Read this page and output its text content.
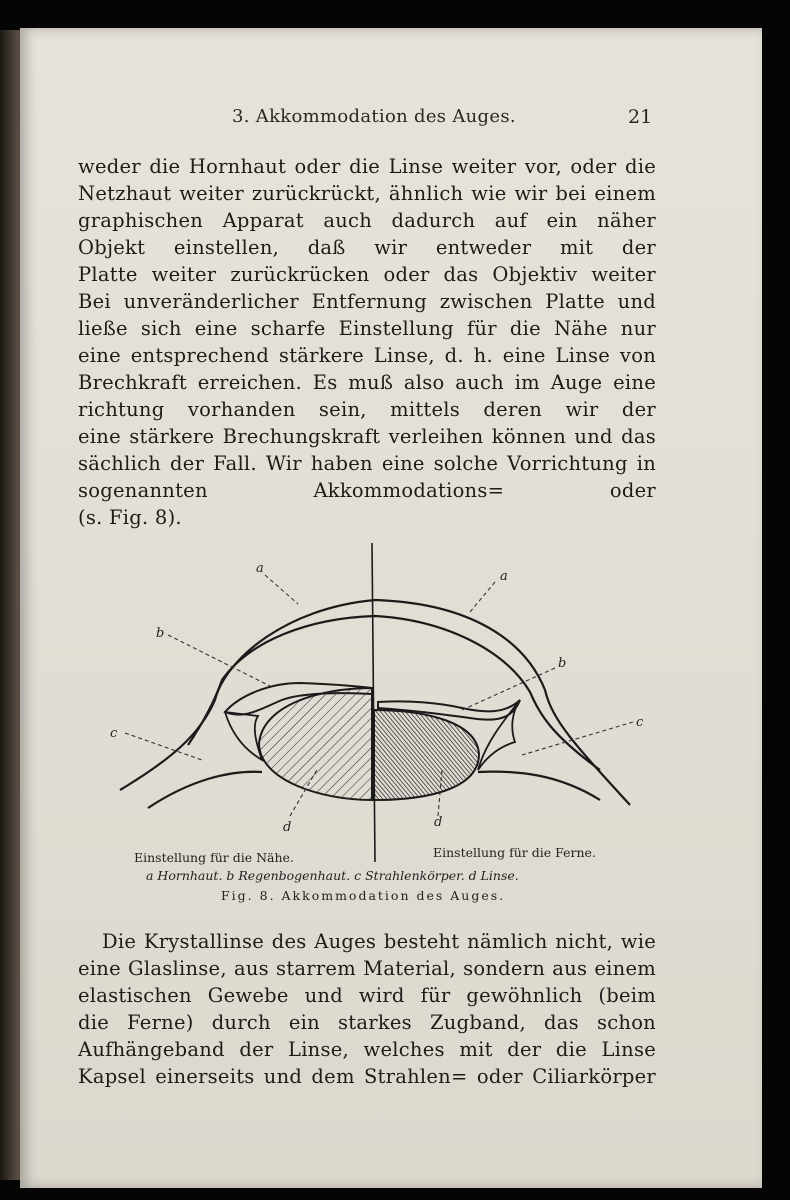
3. Akkommodation des Auges.	21
weder die Hornhaut oder die Linse weiter vor, oder die
Netzhaut weiter zurückrückt, ähnlich wie wir bei einem
graphischen Apparat auch dadurch auf ein näher
Objekt einstellen, daß wir entweder mit der
Platte weiter zurückrücken oder das Objektiv weiter
Bei unveränderlicher Entfernung zwischen Platte und
ließe sich eine scharfe Einstellung für die Nähe nur
eine entsprechend stärkere Linse, d. h. eine Linse von
Brechkraft erreichen. Es muß also auch im Auge eine
richtung vorhanden sein, mittels deren wir der
eine stärkere Brechungskraft verleihen können und das
sächlich der Fall. Wir haben eine solche Vorrichtung in
sogenannten Akkommodations= oder
(s. Fig. 8).
a
a
b
b
c
c
d	d
Einstellung für die Nähe.	Einstellung für die Ferne.
a Hornhaut. b Regenbogenhaut. c Strahlenkörper. d Linse.
Fig. 8. Akkommodation des Auges.
Die Krystallinse des Auges besteht nämlich nicht, wie
eine Glaslinse, aus starrem Material, sondern aus einem
elastischen Gewebe und wird für gewöhnlich (beim
die Ferne) durch ein starkes Zugband, das schon
Aufhängeband der Linse, welches mit der die Linse
Kapsel einerseits und dem Strahlen= oder Ciliarkörper
